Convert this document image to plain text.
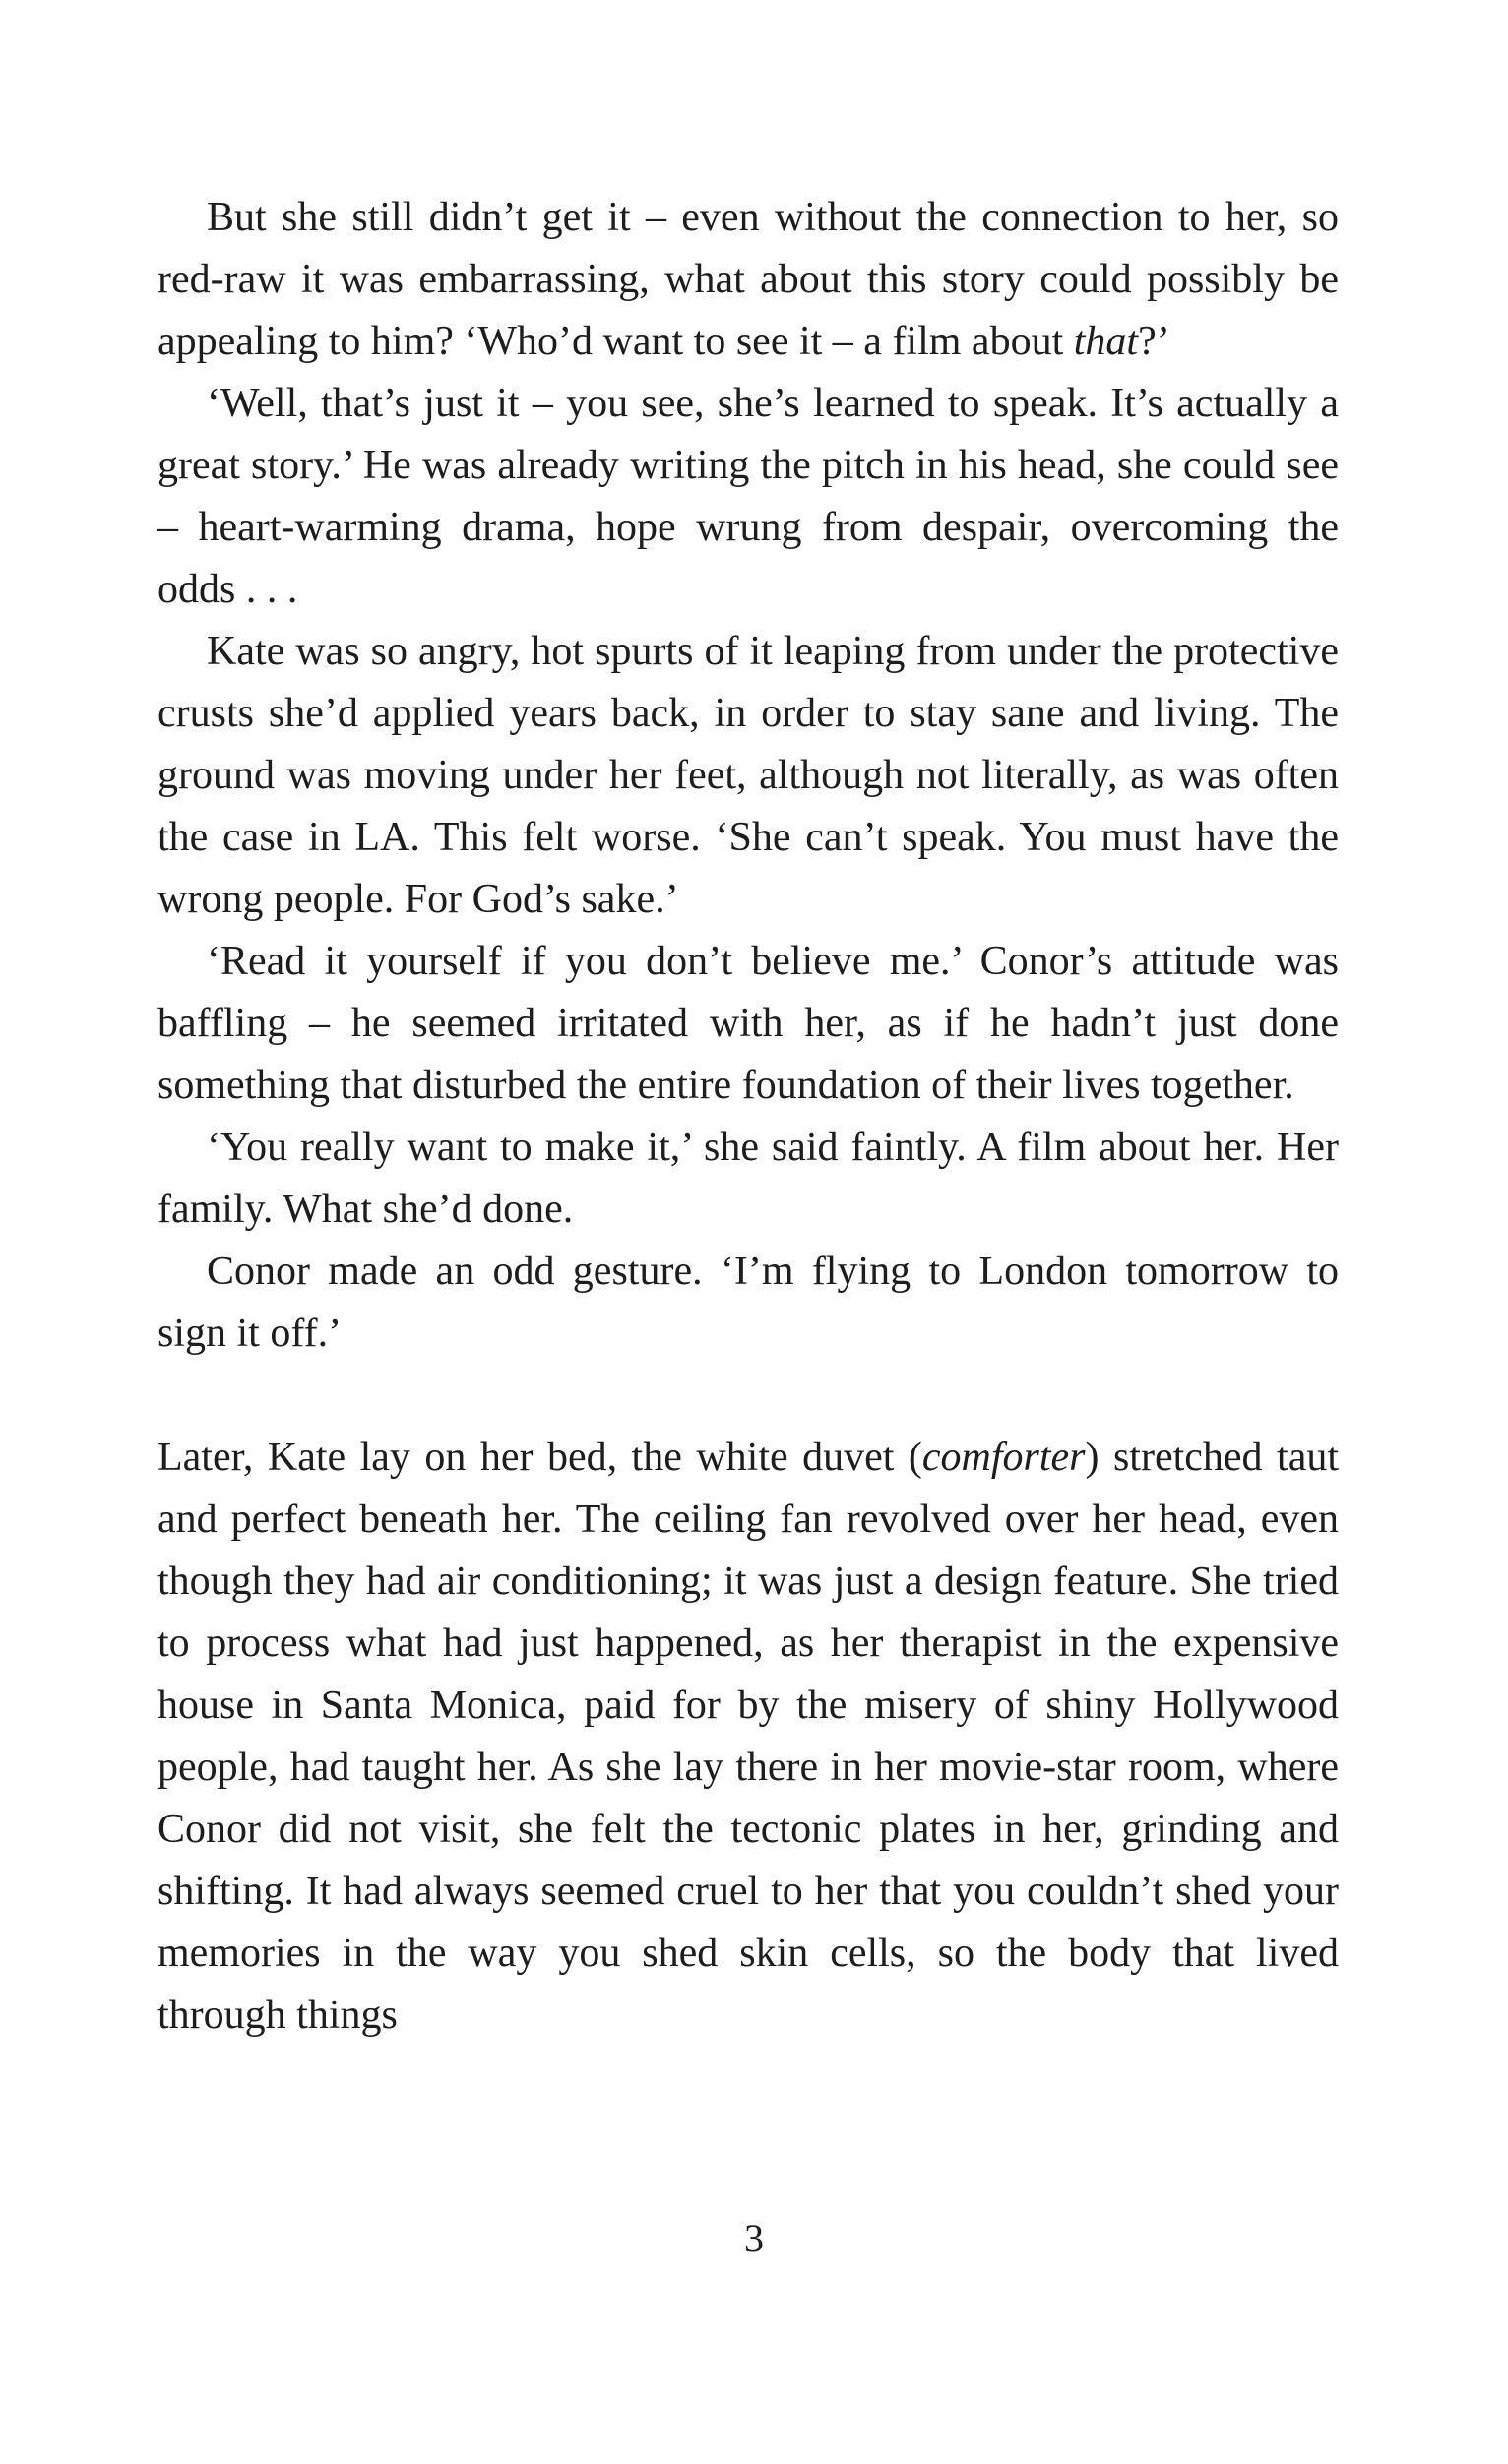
But she still didn’t get it – even without the connection to her, so red-raw it was embarrassing, what about this story could possibly be appealing to him? ‘Who’d want to see it – a film about that?’

‘Well, that’s just it – you see, she’s learned to speak. It’s actually a great story.’ He was already writing the pitch in his head, she could see – heart-warming drama, hope wrung from despair, overcoming the odds . . .

Kate was so angry, hot spurts of it leaping from under the protective crusts she’d applied years back, in order to stay sane and living. The ground was moving under her feet, although not literally, as was often the case in LA. This felt worse. ‘She can’t speak. You must have the wrong people. For God’s sake.’

‘Read it yourself if you don’t believe me.’ Conor’s attitude was baffling – he seemed irritated with her, as if he hadn’t just done something that disturbed the entire foundation of their lives together.

‘You really want to make it,’ she said faintly. A film about her. Her family. What she’d done.

Conor made an odd gesture. ‘I’m flying to London tomorrow to sign it off.’

Later, Kate lay on her bed, the white duvet (comforter) stretched taut and perfect beneath her. The ceiling fan revolved over her head, even though they had air conditioning; it was just a design feature. She tried to process what had just happened, as her therapist in the expensive house in Santa Monica, paid for by the misery of shiny Hollywood people, had taught her. As she lay there in her movie-star room, where Conor did not visit, she felt the tectonic plates in her, grinding and shifting. It had always seemed cruel to her that you couldn’t shed your memories in the way you shed skin cells, so the body that lived through things

3
